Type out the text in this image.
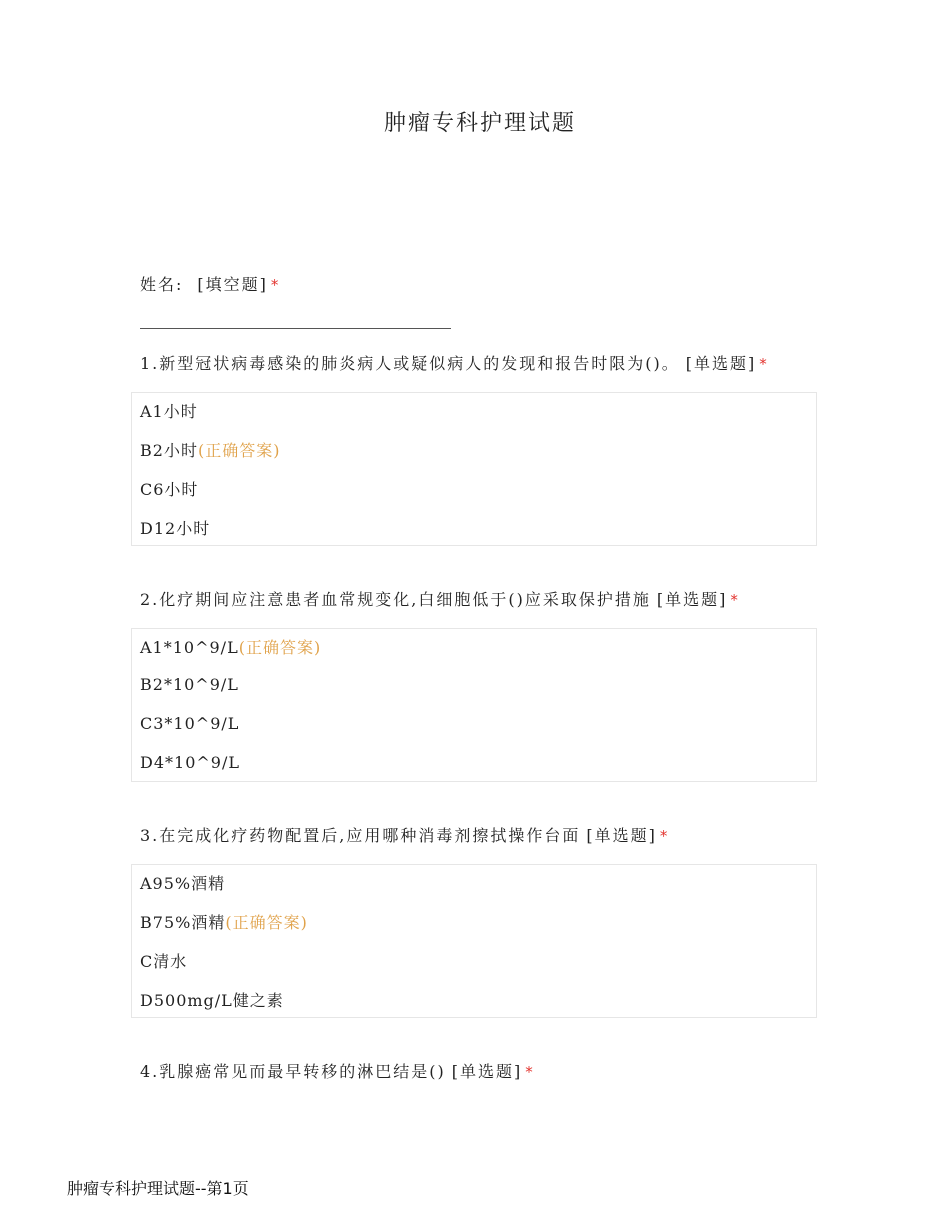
肿瘤专科护理试题
姓名: [填空题] *
1.新型冠状病毒感染的肺炎病人或疑似病人的发现和报告时限为()。 [单选题] *
A1小时
B2小时(正确答案)
C6小时
D12小时
2.化疗期间应注意患者血常规变化,白细胞低于()应采取保护措施 [单选题] *
A1*10^9/L(正确答案)
B2*10^9/L
C3*10^9/L
D4*10^9/L
3.在完成化疗药物配置后,应用哪种消毒剂擦拭操作台面 [单选题] *
A95%酒精
B75%酒精(正确答案)
C清水
D500mg/L健之素
4.乳腺癌常见而最早转移的淋巴结是() [单选题] *
肿瘤专科护理试题--第1页
